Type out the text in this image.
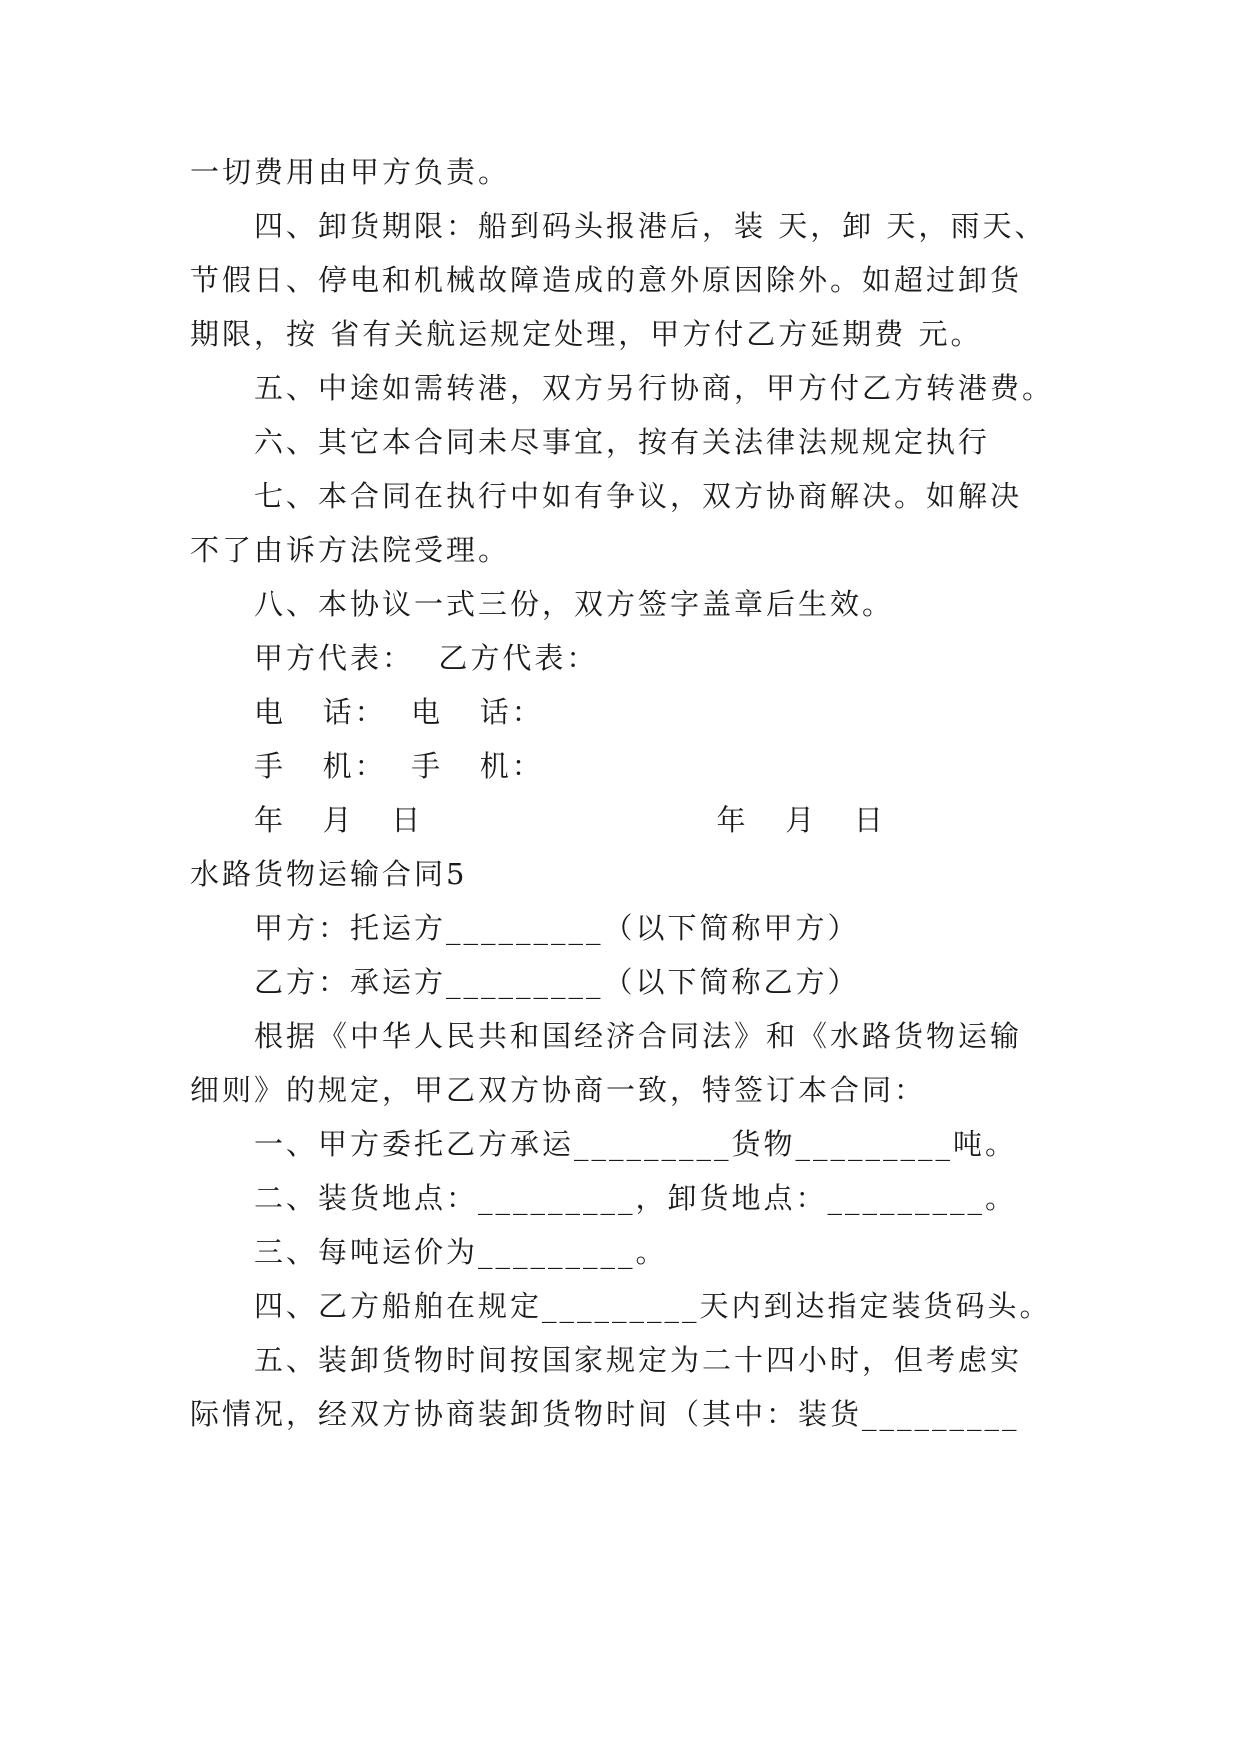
一切费用由甲方负责。
四、卸货期限：船到码头报港后，装 天，卸 天，雨天、
节假日、停电和机械故障造成的意外原因除外。如超过卸货
期限，按 省有关航运规定处理，甲方付乙方延期费 元。
五、中途如需转港，双方另行协商，甲方付乙方转港费。
六、其它本合同未尽事宜，按有关法律法规规定执行
七、本合同在执行中如有争议，双方协商解决。如解决
不了由诉方法院受理。
八、本协议一式三份，双方签字盖章后生效。
甲方代表：  乙方代表：
电   话：  电   话：
手   机：  手   机：
年   月   日                        年   月   日
水路货物运输合同5
甲方：托运方_________（以下简称甲方）
乙方：承运方_________（以下简称乙方）
根据《中华人民共和国经济合同法》和《水路货物运输
细则》的规定，甲乙双方协商一致，特签订本合同：
一、甲方委托乙方承运_________货物_________吨。
二、装货地点：_________，卸货地点：_________。
三、每吨运价为_________。
四、乙方船舶在规定_________天内到达指定装货码头。
五、装卸货物时间按国家规定为二十四小时，但考虑实
际情况，经双方协商装卸货物时间（其中：装货_________
